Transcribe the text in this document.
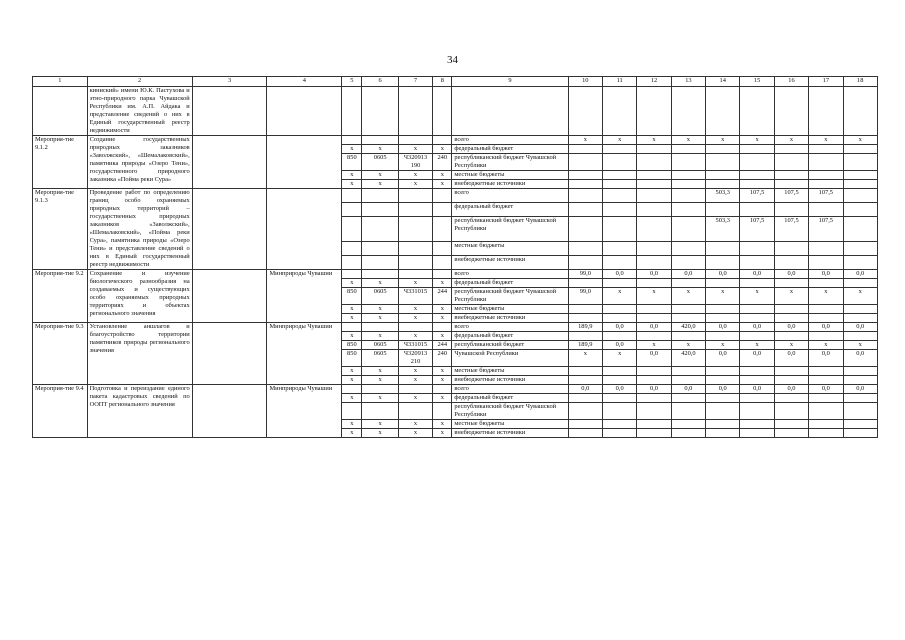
34
1	2	3	4	5	6	7	8	9	10	11	12	13	14	15	16	17	18
	киниский» имени Ю.К. Пастухова и этно-природного парка Чувашской Республики им. А.П. Айдака и представление сведений о них в Единый государственный реестр недвижимости																
Мероприя-тие 9.1.2	Создание государственных природных заказников «Заволжский», «Шемалаковский», памятника природы «Озеро Тени», государственного природного заказника «Пойма реки Сура»							всего	x	x	x	x	x	x	x	x	x
				x	x	x	x	федеральный бюджет									
				850	0605	Ч320913 190	240	республиканский бюджет Чувашской Республики									
				x	x	x	x	местные бюджеты									
				x	x	x	x	внебюджетные источники									
Мероприя-тие 9.1.3	Проведение работ по определению границ особо охраняемых природных территорий – государственных природных заказников «Заволжский», «Шемалаковский», «Пойма реки Сура», памятника природы «Озеро Тени» и представление сведений о них в Единый государственный реестр недвижимости							всего					503,3	107,5	107,5	107,5	
								федеральный бюджет									
								республиканский бюджет Чувашской Республики					503,3	107,5	107,5	107,5	
								местные бюджеты									
								внебюджетные источники									
Мероприя-тие 9.2	Сохранение и изучение биологического разнообразия на создаваемых и существующих особо охраняемых природных территориях и объектах регионального значения		Минприроды Чувашии					всего	99,0	0,0	0,0	0,0	0,0	0,0	0,0	0,0	0,0
				x	x	x	x	федеральный бюджет									
				850	0605	Ч331015	244	республиканский бюджет Чувашской Республики	99,0	x	x	x	x	x	x	x	x
				x	x	x	x	местные бюджеты									
				x	x	x	x	внебюджетные источники									
Мероприя-тие 9.3	Установление аншлагов и благоустройство территории памятников природы регионального значения		Минприроды Чувашии					всего	189,9	0,0	0,0	420,0	0,0	0,0	0,0	0,0	0,0
				x	x	x	x	федеральный бюджет									
				850	0605	Ч331015	244	республиканский бюджет	189,9	0,0	x	x	x	x	x	x	x
				850	0605	Ч320913 210	240	Чувашской Республики	x	x	0,0	420,0	0,0	0,0	0,0	0,0	0,0
				x	x	x	x	местные бюджеты									
				x	x	x	x	внебюджетные источники									
Мероприя-тие 9.4	Подготовка и переиздание единого пакета кадастровых сведений по ООПТ регионального значения		Минприроды Чувашии					всего	0,0	0,0	0,0	0,0	0,0	0,0	0,0	0,0	0,0
				x	x	x	x	федеральный бюджет									
								республиканский бюджет Чувашской Республики									
				x	x	x	x	местные бюджеты									
				x	x	x	x	внебюджетные источники									
